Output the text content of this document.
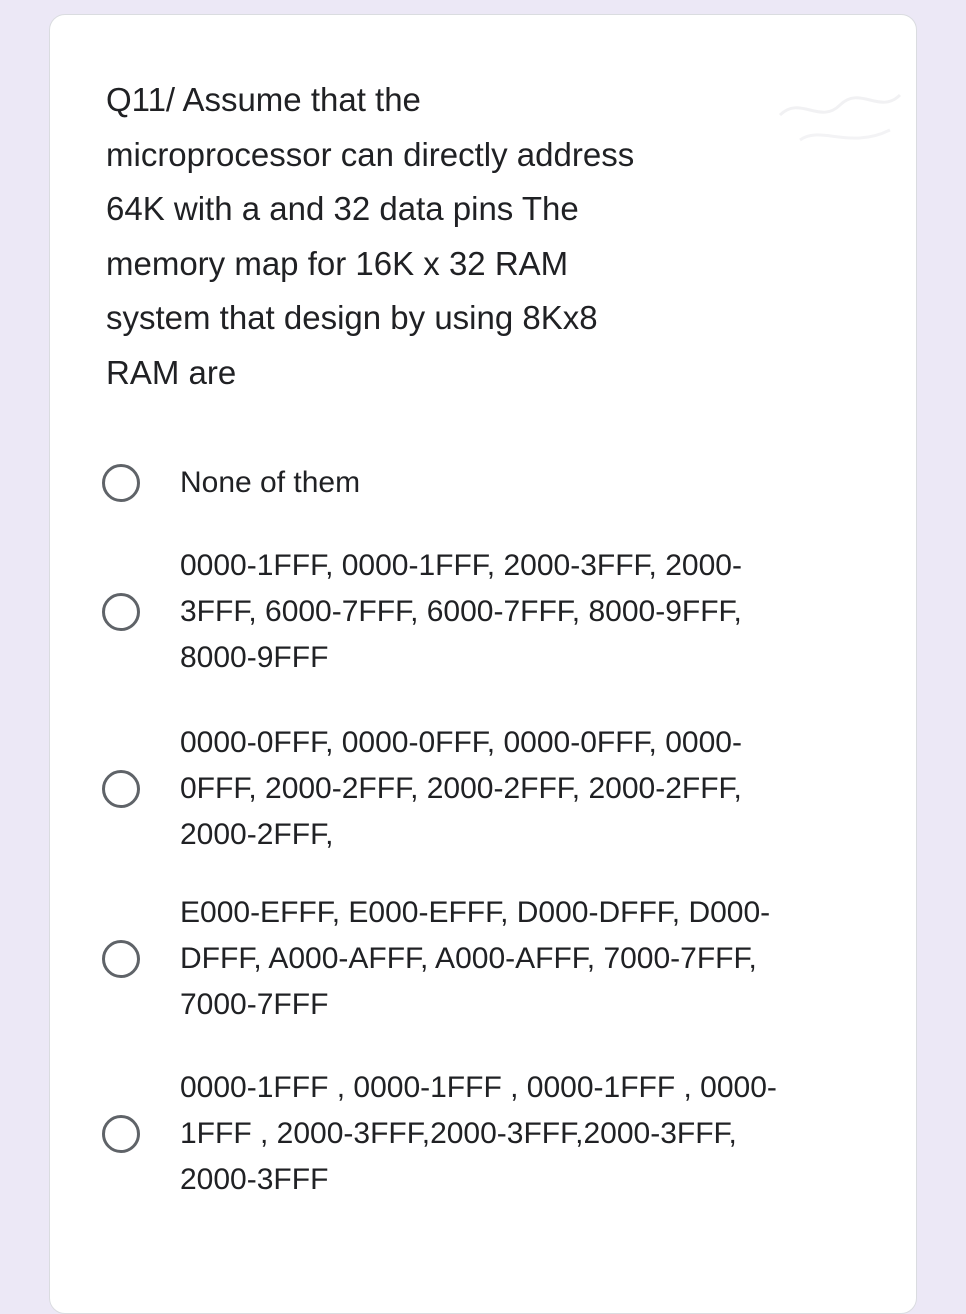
Q11/ Assume that the
microprocessor can directly address
64K with a and 32 data pins The
memory map for 16K x 32 RAM
system that design by using 8Kx8
RAM are
None of them
0000-1FFF, 0000-1FFF, 2000-3FFF, 2000-
3FFF, 6000-7FFF, 6000-7FFF, 8000-9FFF,
8000-9FFF
0000-0FFF, 0000-0FFF, 0000-0FFF, 0000-
0FFF, 2000-2FFF, 2000-2FFF, 2000-2FFF,
2000-2FFF,
E000-EFFF, E000-EFFF, D000-DFFF, D000-
DFFF, A000-AFFF, A000-AFFF, 7000-7FFF,
7000-7FFF
0000-1FFF , 0000-1FFF , 0000-1FFF , 0000-
1FFF , 2000-3FFF,2000-3FFF,2000-3FFF,
2000-3FFF
